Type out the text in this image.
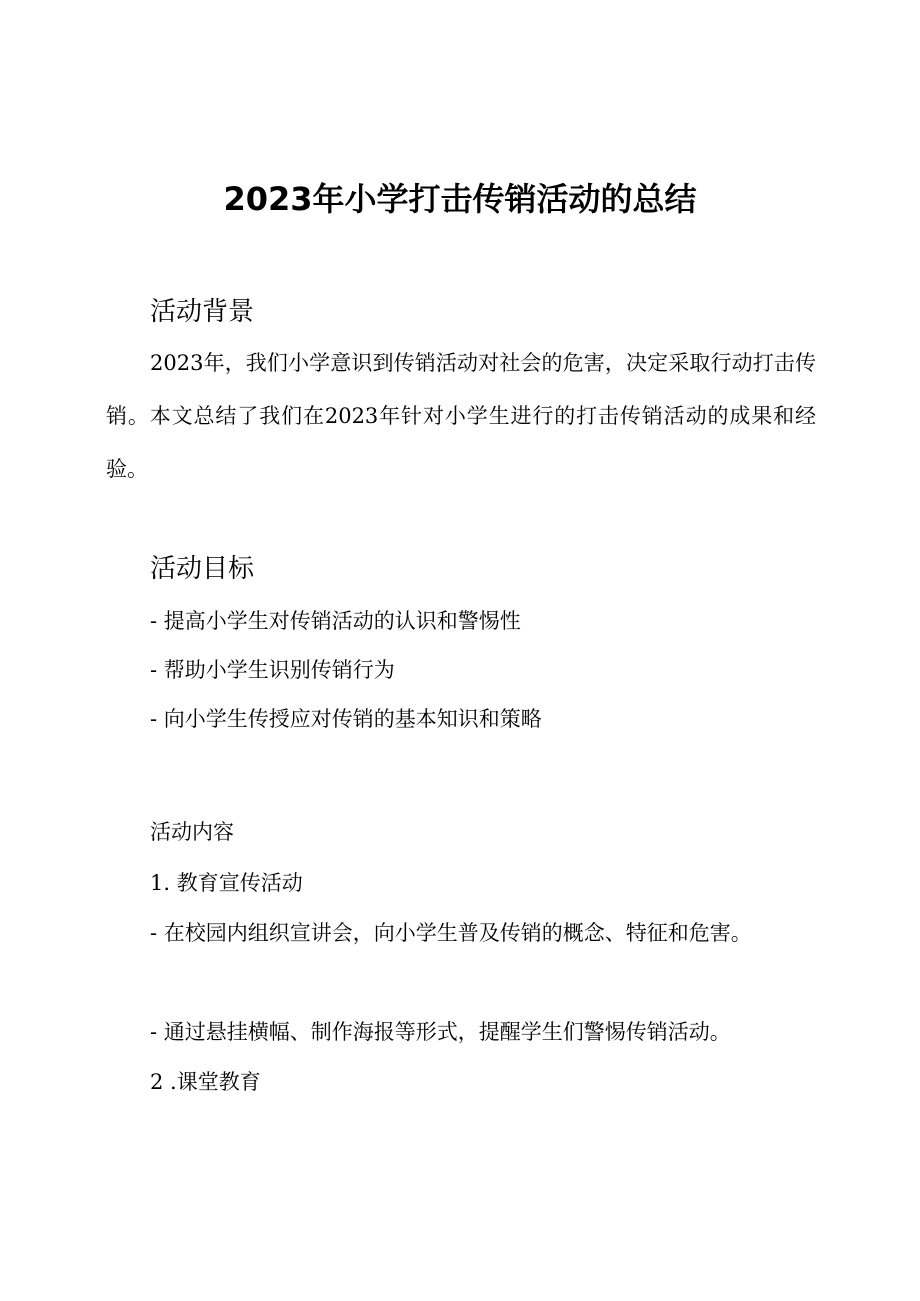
2023年小学打击传销活动的总结
活动背景
2023年，我们小学意识到传销活动对社会的危害，决定采取行动打击传销。本文总结了我们在2023年针对小学生进行的打击传销活动的成果和经验。
活动目标
- 提高小学生对传销活动的认识和警惕性
- 帮助小学生识别传销行为
- 向小学生传授应对传销的基本知识和策略
活动内容
1. 教育宣传活动
- 在校园内组织宣讲会，向小学生普及传销的概念、特征和危害。
- 通过悬挂横幅、制作海报等形式，提醒学生们警惕传销活动。
2 .课堂教育
